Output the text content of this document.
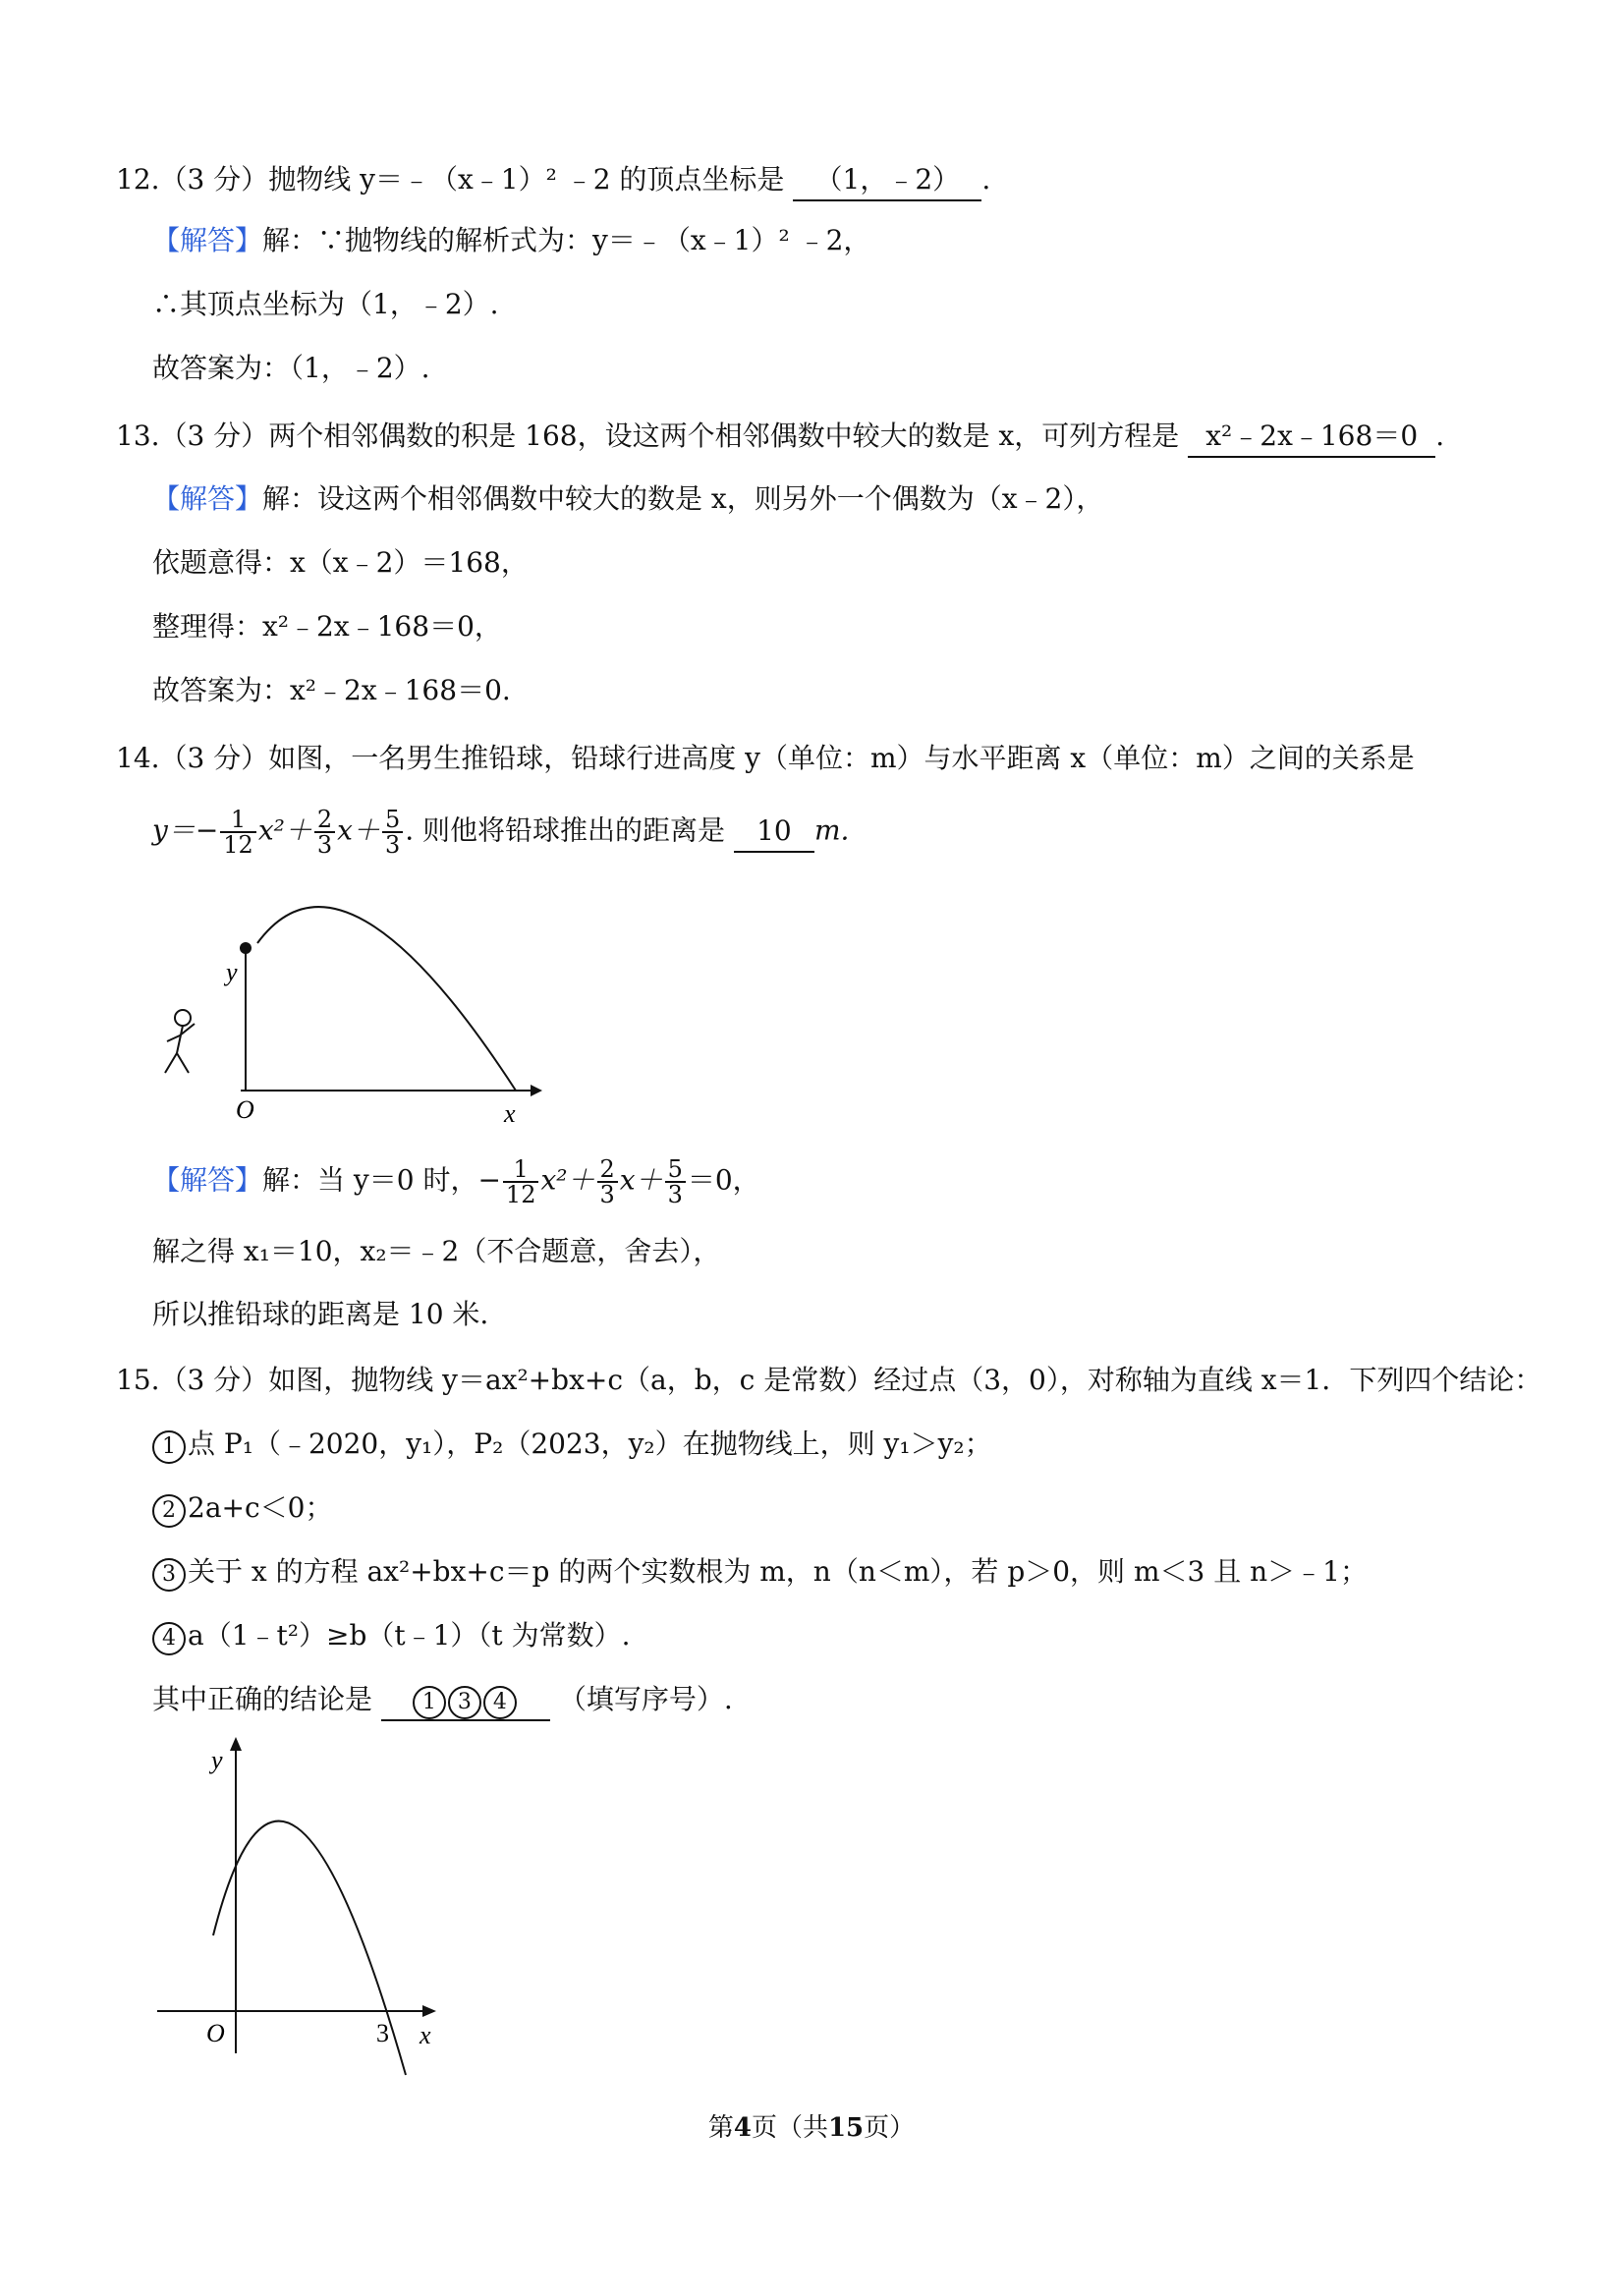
12.（3 分）抛物线 y＝﹣（x﹣1）² ﹣2 的顶点坐标是 （1，﹣2） .
【解答】解：∵抛物线的解析式为：y＝﹣（x﹣1）² ﹣2，
∴其顶点坐标为（1，﹣2）.
故答案为：（1，﹣2）.
13.（3 分）两个相邻偶数的积是 168，设这两个相邻偶数中较大的数是 x，可列方程是 x²﹣2x﹣168＝0 .
【解答】解：设这两个相邻偶数中较大的数是 x，则另外一个偶数为（x﹣2），
依题意得：x（x﹣2）＝168，
整理得：x²﹣2x﹣168＝0，
故答案为：x²﹣2x﹣168＝0.
14.（3 分）如图，一名男生推铅球，铅球行进高度 y（单位：m）与水平距离 x（单位：m）之间的关系是
$y=- \frac{1}{12} x^2+ \frac{2}{3} x+ \frac{5}{3}$ . 则他将铅球推出的距离是 10 m.
y
O	x
【解答】解：当 y＝0 时，− $\frac{1}{12} x^2+ \frac{2}{3} x+ \frac{5}{3} =0$，
解之得 x₁＝10，x₂＝﹣2（不合题意，舍去），
所以推铅球的距离是 10 米.
15.（3 分）如图，抛物线 y＝ax²+bx+c（a，b，c 是常数）经过点（3，0），对称轴为直线 x＝1．下列四个结论：
1 点 P₁（﹣2020，y₁），P₂（2023，y₂）在抛物线上，则 y₁＞y₂；
2 2a+c＜0；
3 关于 x 的方程 ax²+bx+c＝p 的两个实数根为 m，n（n＜m），若 p＞0，则 m＜3 且 n＞﹣1；
4 a（1﹣t²）≥b（t﹣1）（t 为常数）.
其中正确的结论是 1 3 4 （填写序号）.
y
O	3 x
第4页（共15页）
